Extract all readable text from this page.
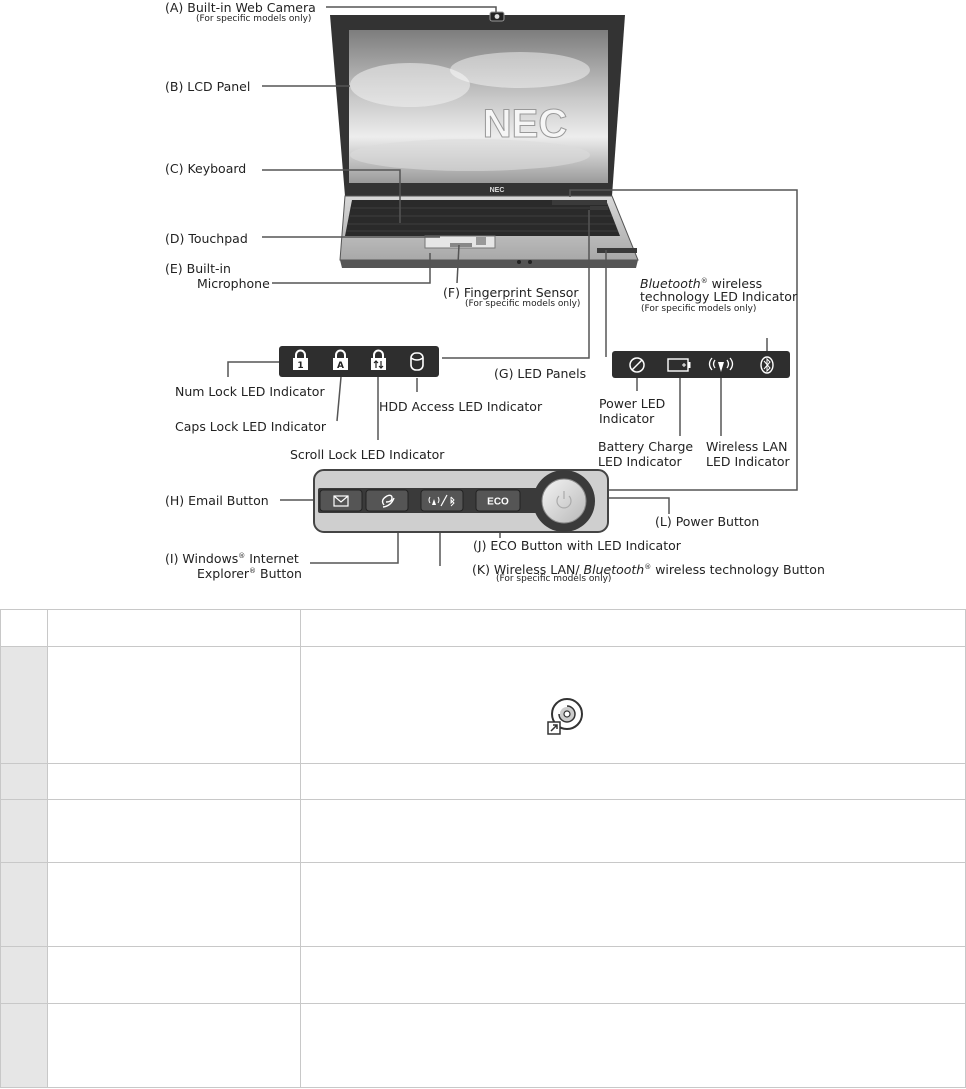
NEC
NEC
1	A
ECO
(A) Built-in Web Camera
(For specific models only)
(B) LCD Panel
(C) Keyboard
(D) Touchpad
(E) Built-in
Microphone
(F) Fingerprint Sensor
(For specific models only)
Bluetooth® wireless
technology LED Indicator
(For specific models only)
(G) LED Panels
Num Lock LED Indicator
Caps Lock LED Indicator
Scroll Lock LED Indicator
HDD Access LED Indicator	Power LED
Indicator
Battery Charge
LED Indicator
Wireless LAN
LED Indicator
(H) Email Button
(L) Power Button
(J) ECO Button with LED Indicator
(I) Windows® Internet
Explorer® Button	(K) Wireless LAN/ Bluetooth® wireless technology Button
(For specific models only)
